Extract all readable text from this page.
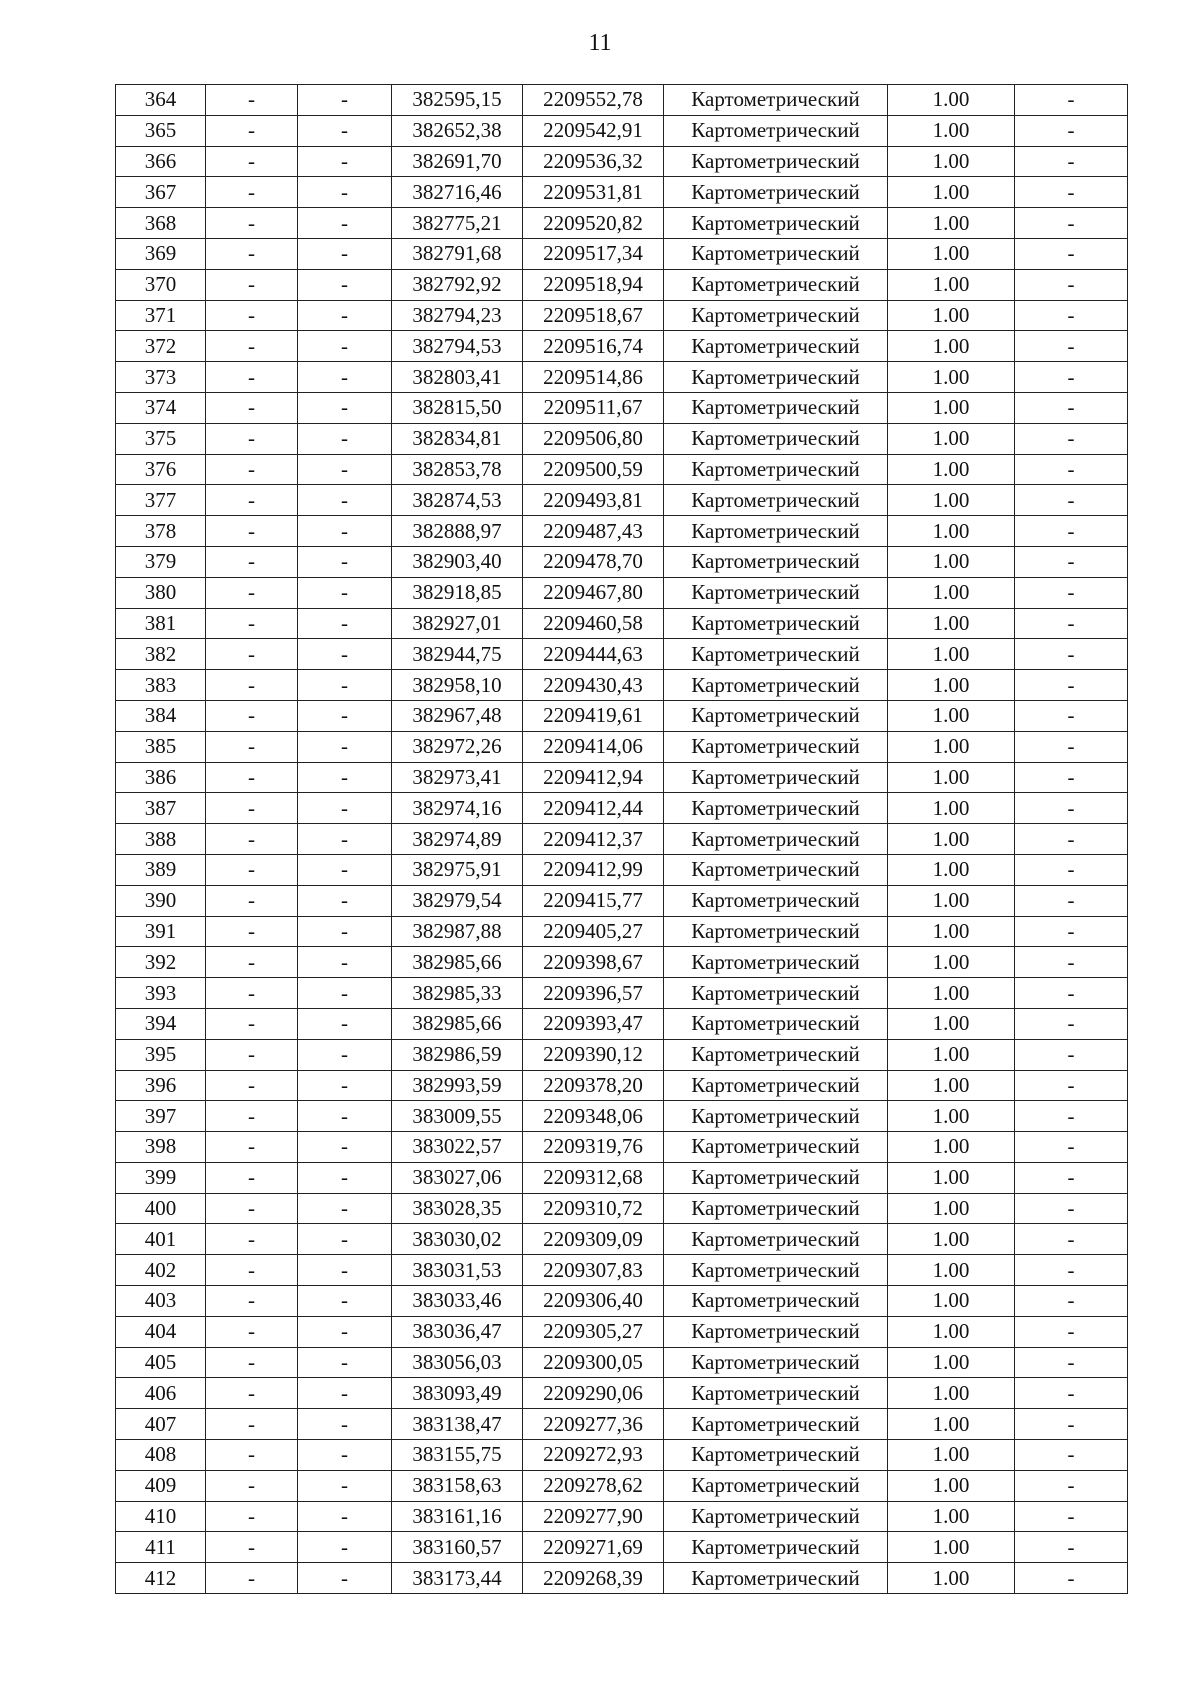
11
364	-	-	382595,15	2209552,78	Картометрический	1.00	-
365	-	-	382652,38	2209542,91	Картометрический	1.00	-
366	-	-	382691,70	2209536,32	Картометрический	1.00	-
367	-	-	382716,46	2209531,81	Картометрический	1.00	-
368	-	-	382775,21	2209520,82	Картометрический	1.00	-
369	-	-	382791,68	2209517,34	Картометрический	1.00	-
370	-	-	382792,92	2209518,94	Картометрический	1.00	-
371	-	-	382794,23	2209518,67	Картометрический	1.00	-
372	-	-	382794,53	2209516,74	Картометрический	1.00	-
373	-	-	382803,41	2209514,86	Картометрический	1.00	-
374	-	-	382815,50	2209511,67	Картометрический	1.00	-
375	-	-	382834,81	2209506,80	Картометрический	1.00	-
376	-	-	382853,78	2209500,59	Картометрический	1.00	-
377	-	-	382874,53	2209493,81	Картометрический	1.00	-
378	-	-	382888,97	2209487,43	Картометрический	1.00	-
379	-	-	382903,40	2209478,70	Картометрический	1.00	-
380	-	-	382918,85	2209467,80	Картометрический	1.00	-
381	-	-	382927,01	2209460,58	Картометрический	1.00	-
382	-	-	382944,75	2209444,63	Картометрический	1.00	-
383	-	-	382958,10	2209430,43	Картометрический	1.00	-
384	-	-	382967,48	2209419,61	Картометрический	1.00	-
385	-	-	382972,26	2209414,06	Картометрический	1.00	-
386	-	-	382973,41	2209412,94	Картометрический	1.00	-
387	-	-	382974,16	2209412,44	Картометрический	1.00	-
388	-	-	382974,89	2209412,37	Картометрический	1.00	-
389	-	-	382975,91	2209412,99	Картометрический	1.00	-
390	-	-	382979,54	2209415,77	Картометрический	1.00	-
391	-	-	382987,88	2209405,27	Картометрический	1.00	-
392	-	-	382985,66	2209398,67	Картометрический	1.00	-
393	-	-	382985,33	2209396,57	Картометрический	1.00	-
394	-	-	382985,66	2209393,47	Картометрический	1.00	-
395	-	-	382986,59	2209390,12	Картометрический	1.00	-
396	-	-	382993,59	2209378,20	Картометрический	1.00	-
397	-	-	383009,55	2209348,06	Картометрический	1.00	-
398	-	-	383022,57	2209319,76	Картометрический	1.00	-
399	-	-	383027,06	2209312,68	Картометрический	1.00	-
400	-	-	383028,35	2209310,72	Картометрический	1.00	-
401	-	-	383030,02	2209309,09	Картометрический	1.00	-
402	-	-	383031,53	2209307,83	Картометрический	1.00	-
403	-	-	383033,46	2209306,40	Картометрический	1.00	-
404	-	-	383036,47	2209305,27	Картометрический	1.00	-
405	-	-	383056,03	2209300,05	Картометрический	1.00	-
406	-	-	383093,49	2209290,06	Картометрический	1.00	-
407	-	-	383138,47	2209277,36	Картометрический	1.00	-
408	-	-	383155,75	2209272,93	Картометрический	1.00	-
409	-	-	383158,63	2209278,62	Картометрический	1.00	-
410	-	-	383161,16	2209277,90	Картометрический	1.00	-
411	-	-	383160,57	2209271,69	Картометрический	1.00	-
412	-	-	383173,44	2209268,39	Картометрический	1.00	-
